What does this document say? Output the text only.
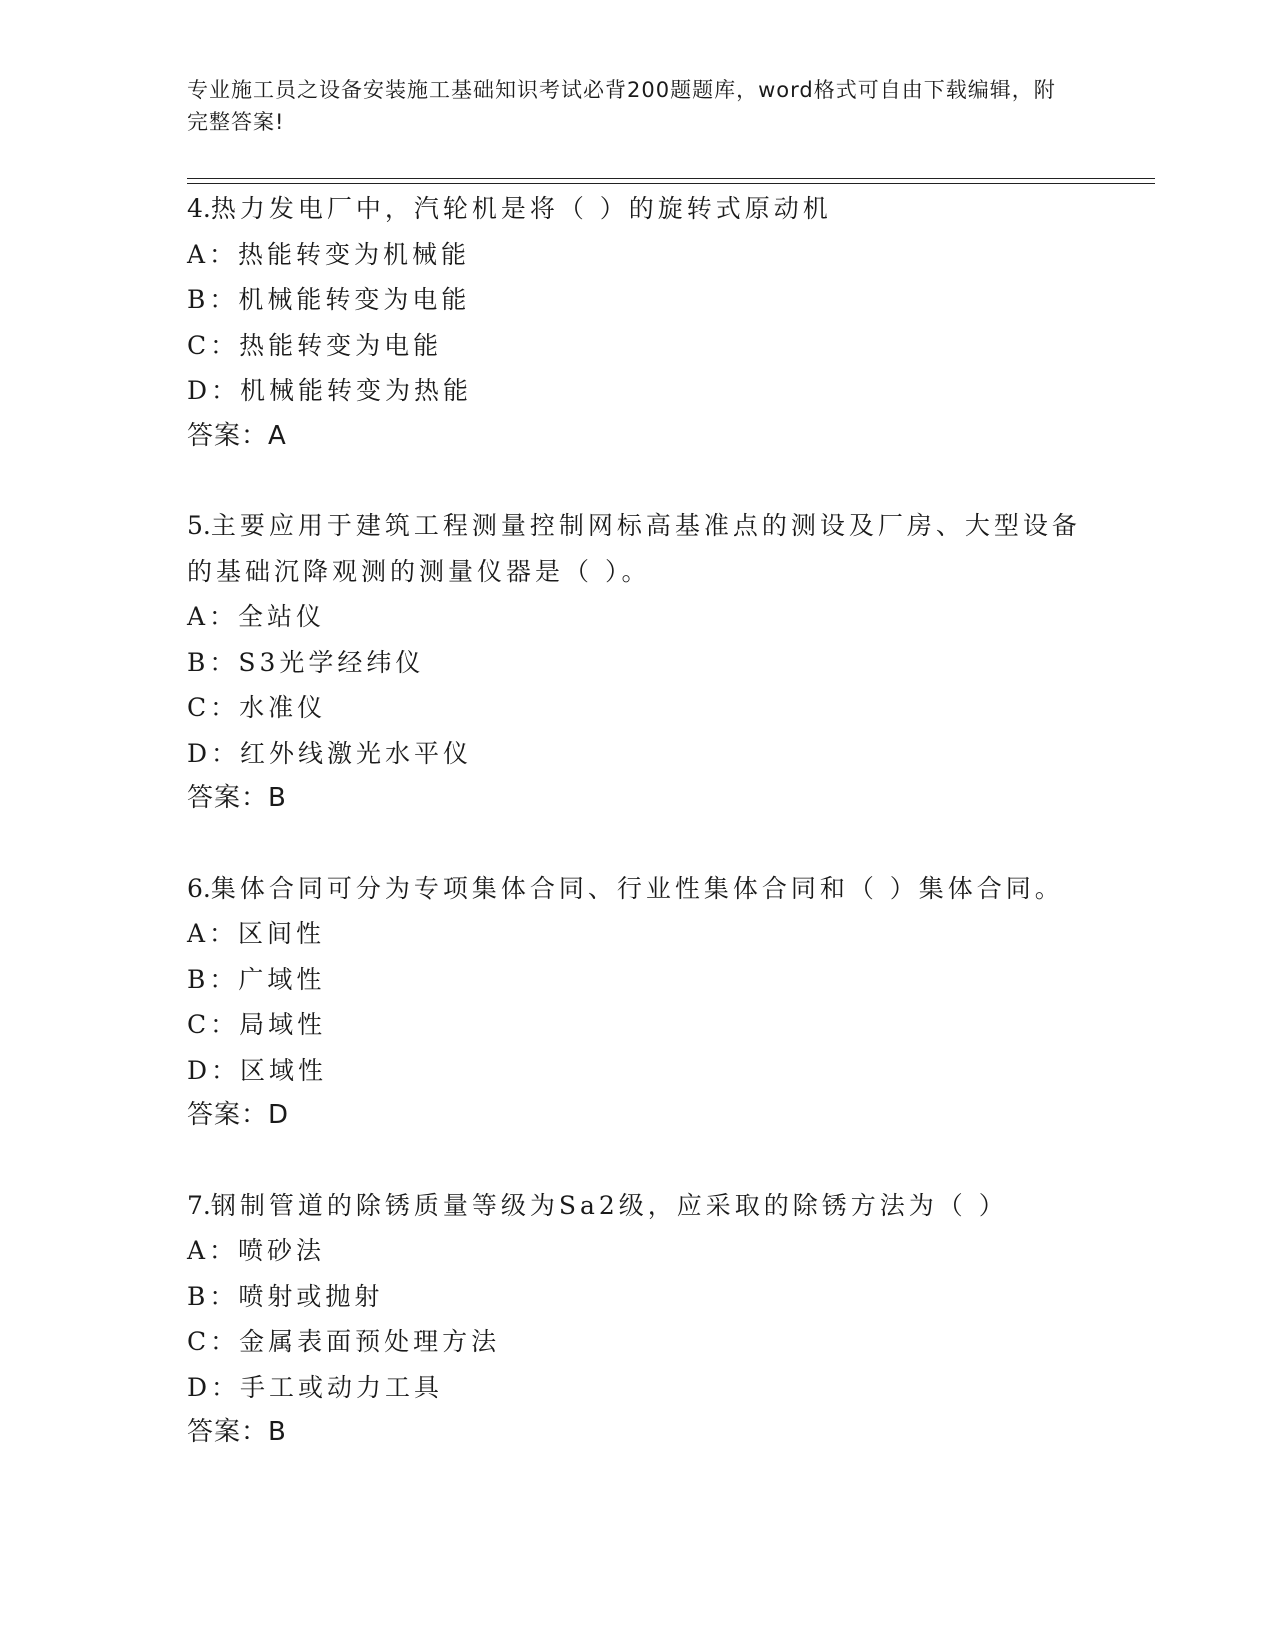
专业施工员之设备安装施工基础知识考试必背200题题库，word格式可自由下载编辑，附完整答案!
4.热力发电厂中，汽轮机是将（ ）的旋转式原动机
A：热能转变为机械能
B：机械能转变为电能
C：热能转变为电能
D：机械能转变为热能
答案：A
5.主要应用于建筑工程测量控制网标高基准点的测设及厂房、大型设备的基础沉降观测的测量仪器是（ ）。
A：全站仪
B：S3光学经纬仪
C：水准仪
D：红外线激光水平仪
答案：B
6.集体合同可分为专项集体合同、行业性集体合同和（ ）集体合同。
A：区间性
B：广域性
C：局域性
D：区域性
答案：D
7.钢制管道的除锈质量等级为Sa2级，应采取的除锈方法为（ ）
A：喷砂法
B：喷射或抛射
C：金属表面预处理方法
D：手工或动力工具
答案：B
